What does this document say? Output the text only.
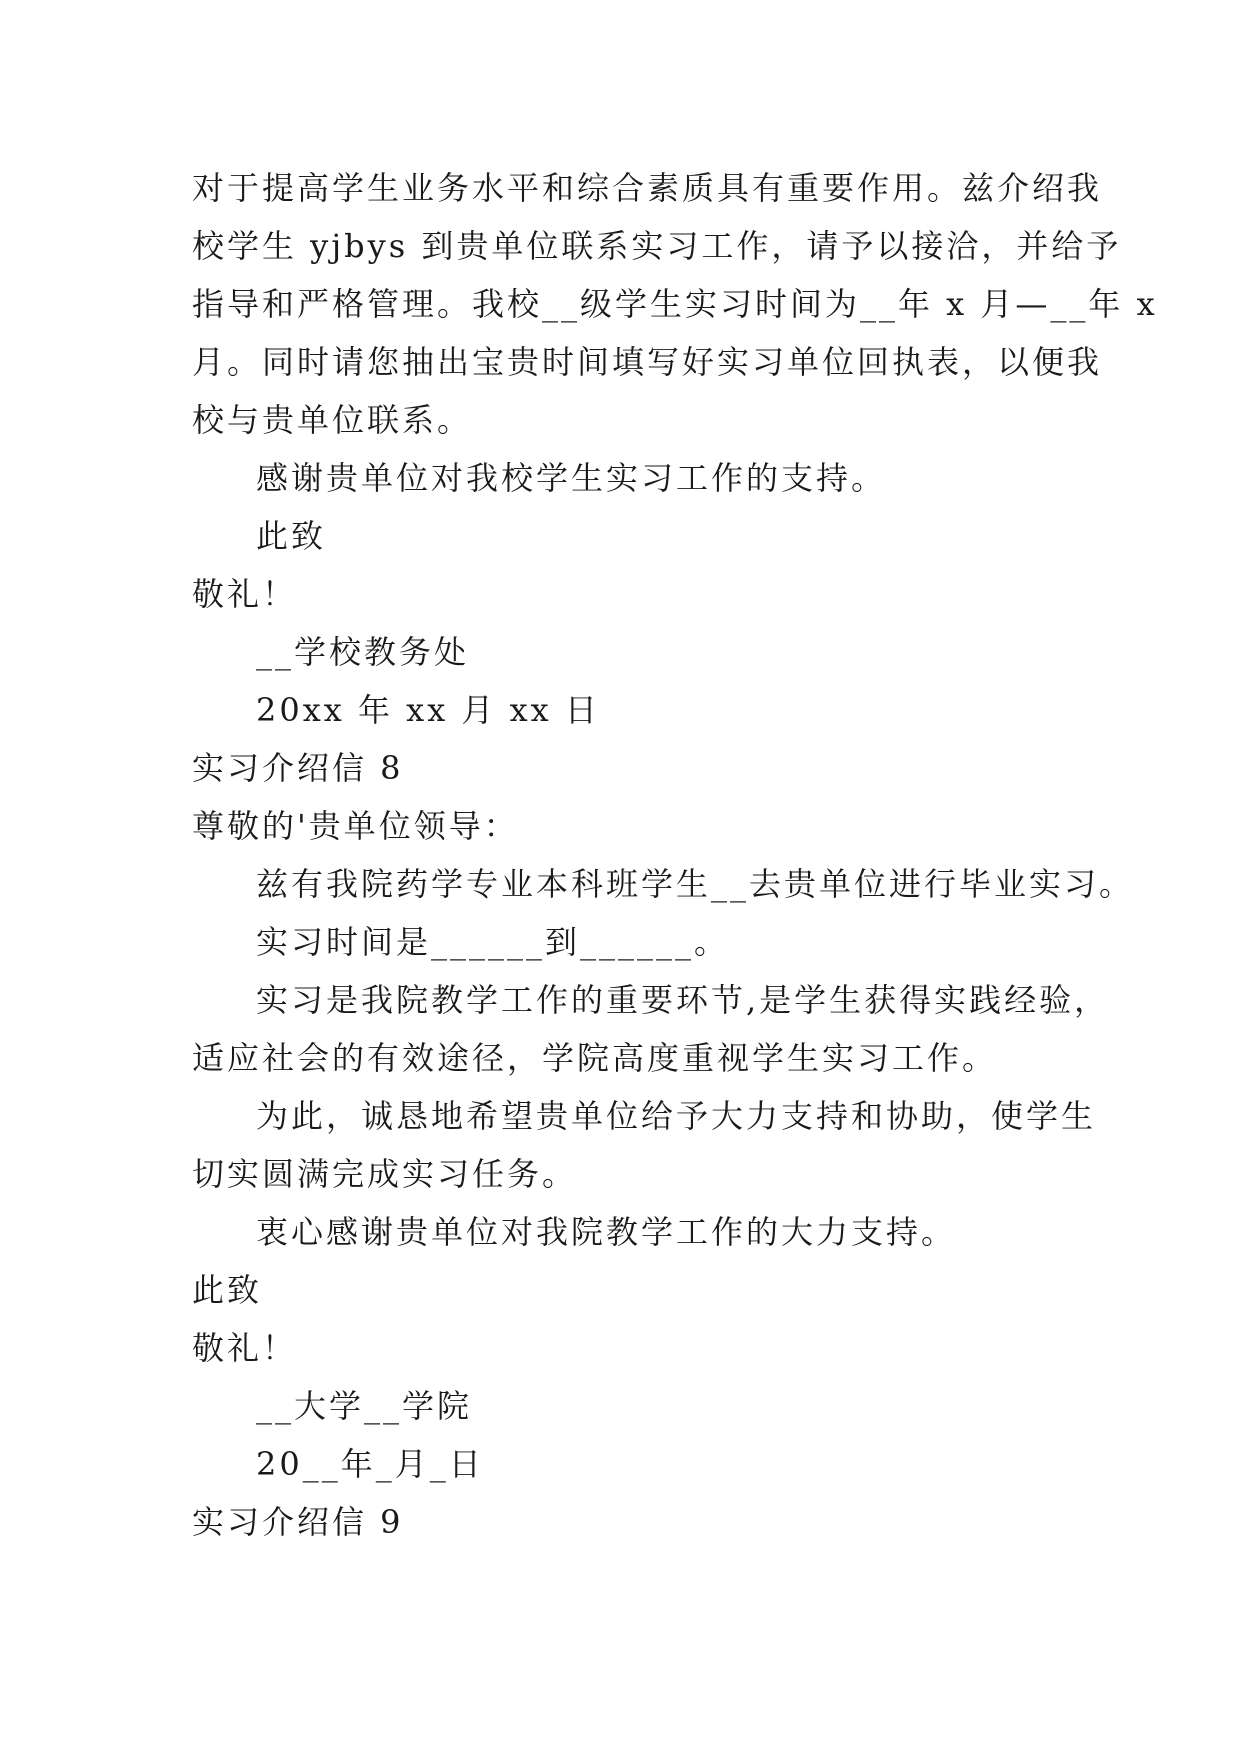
对于提高学生业务水平和综合素质具有重要作用。兹介绍我
校学生 yjbys 到贵单位联系实习工作，请予以接洽，并给予
指导和严格管理。我校__级学生实习时间为__年 x 月—__年 x
月。同时请您抽出宝贵时间填写好实习单位回执表，以便我
校与贵单位联系。
感谢贵单位对我校学生实习工作的支持。
此致
敬礼！
__学校教务处
20xx 年 xx 月 xx 日
实习介绍信 8
尊敬的'贵单位领导：
兹有我院药学专业本科班学生__去贵单位进行毕业实习。
实习时间是______到______。
实习是我院教学工作的重要环节,是学生获得实践经验，
适应社会的有效途径，学院高度重视学生实习工作。
为此，诚恳地希望贵单位给予大力支持和协助，使学生
切实圆满完成实习任务。
衷心感谢贵单位对我院教学工作的大力支持。
此致
敬礼！
__大学__学院
20__年_月_日
实习介绍信 9
